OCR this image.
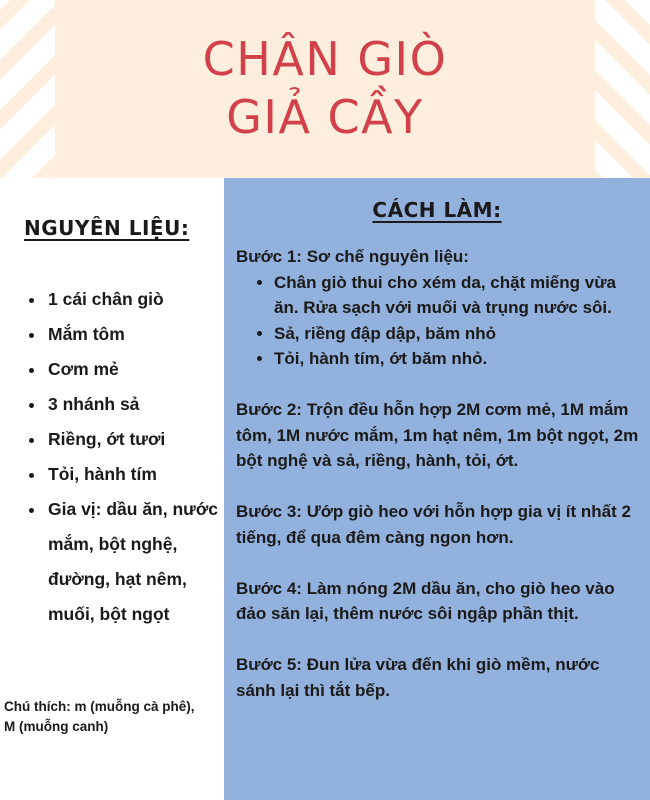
CHÂN GIÒ
GIẢ CẦY
NGUYÊN LIỆU:
• 1 cái chân giò
• Mắm tôm
• Cơm mẻ
• 3 nhánh sả
• Riềng, ớt tươi
• Tỏi, hành tím
• Gia vị: dầu ăn, nước mắm, bột nghệ, đường, hạt nêm, muối, bột ngọt

Chú thích: m (muỗng cà phê),
M (muỗng canh)

CÁCH LÀM:

Bước 1: Sơ chế nguyên liệu:

• Chân giò thui cho xém da, chặt miếng vừa ăn. Rửa sạch với muối và trụng nước sôi.
• Sả, riềng đập dập, băm nhỏ
• Tỏi, hành tím, ớt băm nhỏ.

Bước 2: Trộn đều hỗn hợp 2M cơm mẻ, 1M mắm tôm, 1M nước mắm, 1m hạt nêm, 1m bột ngọt, 2m bột nghệ và sả, riềng, hành, tỏi, ớt.

Bước 3: Ướp giò heo với hỗn hợp gia vị ít nhất 2 tiếng, để qua đêm càng ngon hơn.

Bước 4: Làm nóng 2M dầu ăn, cho giò heo vào đảo săn lại, thêm nước sôi ngập phần thịt.

Bước 5: Đun lửa vừa đến khi giò mềm, nước sánh lại thì tắt bếp.
